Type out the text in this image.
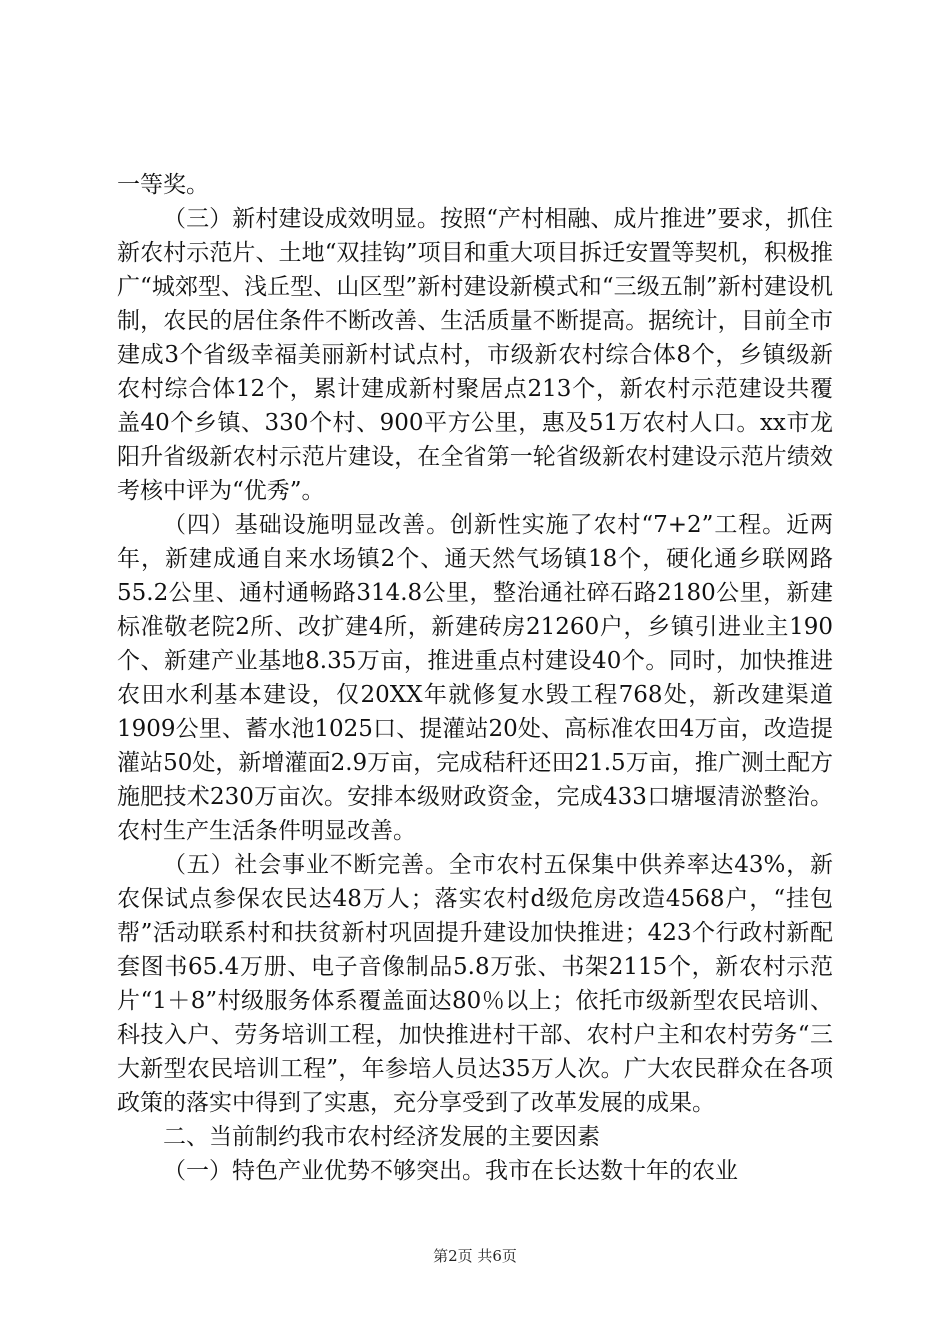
一等奖。

（三）新村建设成效明显。按照“产村相融、成片推进”要求，抓住新农村示范片、土地“双挂钩”项目和重大项目拆迁安置等契机，积极推广“城郊型、浅丘型、山区型”新村建设新模式和“三级五制”新村建设机制，农民的居住条件不断改善、生活质量不断提高。据统计，目前全市建成3个省级幸福美丽新村试点村，市级新农村综合体8个，乡镇级新农村综合体12个，累计建成新村聚居点213个，新农村示范建设共覆盖40个乡镇、330个村、900平方公里，惠及51万农村人口。xx市龙阳升省级新农村示范片建设，在全省第一轮省级新农村建设示范片绩效考核中评为“优秀”。

（四）基础设施明显改善。创新性实施了农村“7+2”工程。近两年，新建成通自来水场镇2个、通天然气场镇18个，硬化通乡联网路55.2公里、通村通畅路314.8公里，整治通社碎石路2180公里，新建标准敬老院2所、改扩建4所，新建砖房21260户，乡镇引进业主190个、新建产业基地8.35万亩，推进重点村建设40个。同时，加快推进农田水利基本建设，仅20XX年就修复水毁工程768处，新改建渠道1909公里、蓄水池1025口、提灌站20处、高标准农田4万亩，改造提灌站50处，新增灌面2.9万亩，完成秸秆还田21.5万亩，推广测土配方施肥技术230万亩次。安排本级财政资金，完成433口塘堰清淤整治。农村生产生活条件明显改善。

（五）社会事业不断完善。全市农村五保集中供养率达43%，新农保试点参保农民达48万人；落实农村d级危房改造4568户，“挂包帮”活动联系村和扶贫新村巩固提升建设加快推进；423个行政村新配套图书65.4万册、电子音像制品5.8万张、书架2115个，新农村示范片“1＋8”村级服务体系覆盖面达80％以上；依托市级新型农民培训、科技入户、劳务培训工程，加快推进村干部、农村户主和农村劳务“三大新型农民培训工程”，年参培人员达35万人次。广大农民群众在各项政策的落实中得到了实惠，充分享受到了改革发展的成果。

二、当前制约我市农村经济发展的主要因素

（一）特色产业优势不够突出。我市在长达数十年的农业

第2页 共6页
